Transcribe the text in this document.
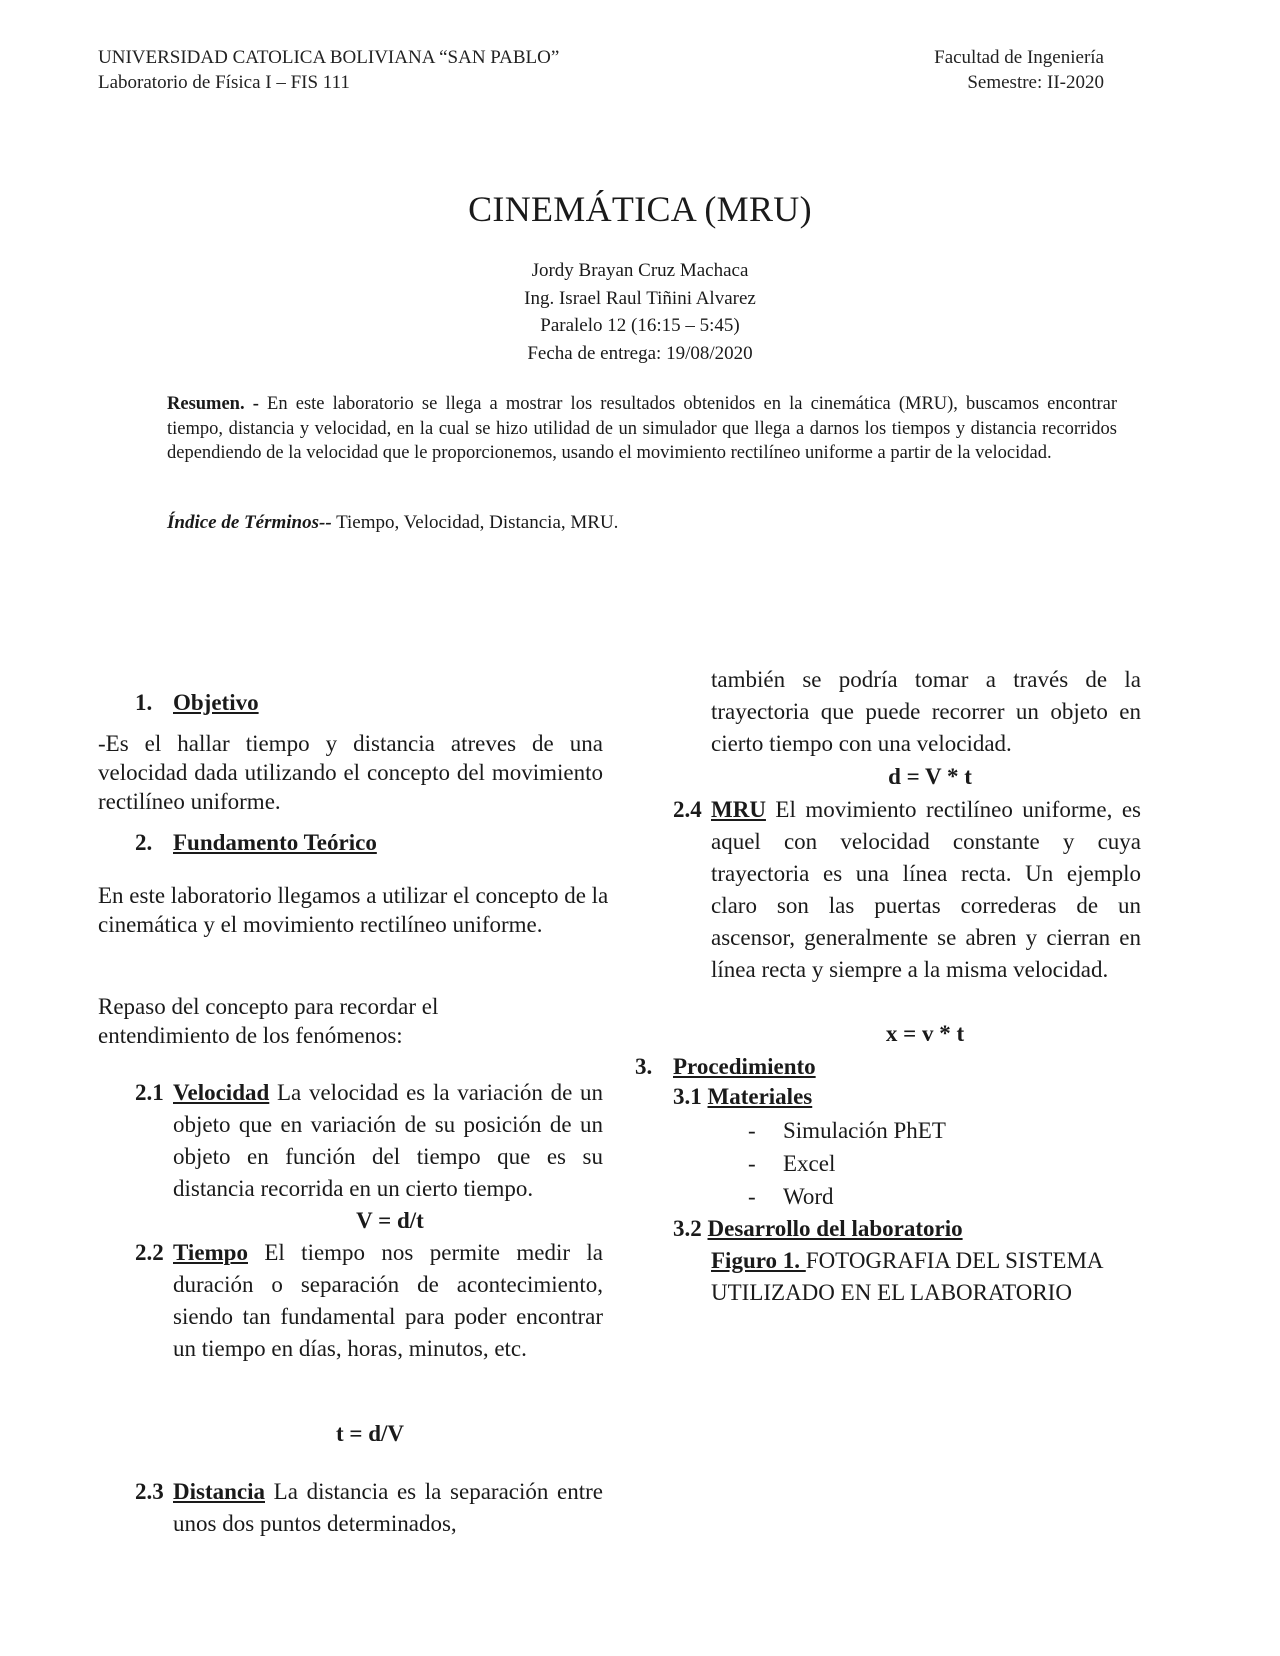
UNIVERSIDAD CATOLICA BOLIVIANA “SAN PABLO”
Laboratorio de Física I – FIS 111
Facultad de Ingeniería
Semestre: II-2020
CINEMÁTICA (MRU)
Jordy Brayan Cruz Machaca
Ing. Israel Raul Tiñini Alvarez
Paralelo 12 (16:15 – 5:45)
Fecha de entrega: 19/08/2020
Resumen. - En este laboratorio se llega a mostrar los resultados obtenidos en la cinemática (MRU), buscamos encontrar tiempo, distancia y velocidad, en la cual se hizo utilidad de un simulador que llega a darnos los tiempos y distancia recorridos dependiendo de la velocidad que le proporcionemos, usando el movimiento rectilíneo uniforme a partir de la velocidad.
Índice de Términos-- Tiempo, Velocidad, Distancia, MRU.
1. Objetivo
-Es el hallar tiempo y distancia atreves de una velocidad dada utilizando el concepto del movimiento rectilíneo uniforme.
2. Fundamento Teórico
En este laboratorio llegamos a utilizar el concepto de la cinemática y el movimiento rectilíneo uniforme.
Repaso del concepto para recordar el entendimiento de los fenómenos:
2.1 Velocidad La velocidad es la variación de un objeto que en variación de su posición de un objeto en función del tiempo que es su distancia recorrida en un cierto tiempo.
V = d/t
2.2 Tiempo El tiempo nos permite medir la duración o separación de acontecimiento, siendo tan fundamental para poder encontrar un tiempo en días, horas, minutos, etc.
t = d/V
2.3 Distancia La distancia es la separación entre unos dos puntos determinados,
también se podría tomar a través de la trayectoria que puede recorrer un objeto en cierto tiempo con una velocidad.
d = V * t
2.4 MRU El movimiento rectilíneo uniforme, es aquel con velocidad constante y cuya trayectoria es una línea recta. Un ejemplo claro son las puertas correderas de un ascensor, generalmente se abren y cierran en línea recta y siempre a la misma velocidad.
x = v * t
3. Procedimiento
3.1 Materiales
- Simulación PhET
- Excel
- Word
3.2 Desarrollo del laboratorio
Figuro 1. FOTOGRAFIA DEL SISTEMA UTILIZADO EN EL LABORATORIO
